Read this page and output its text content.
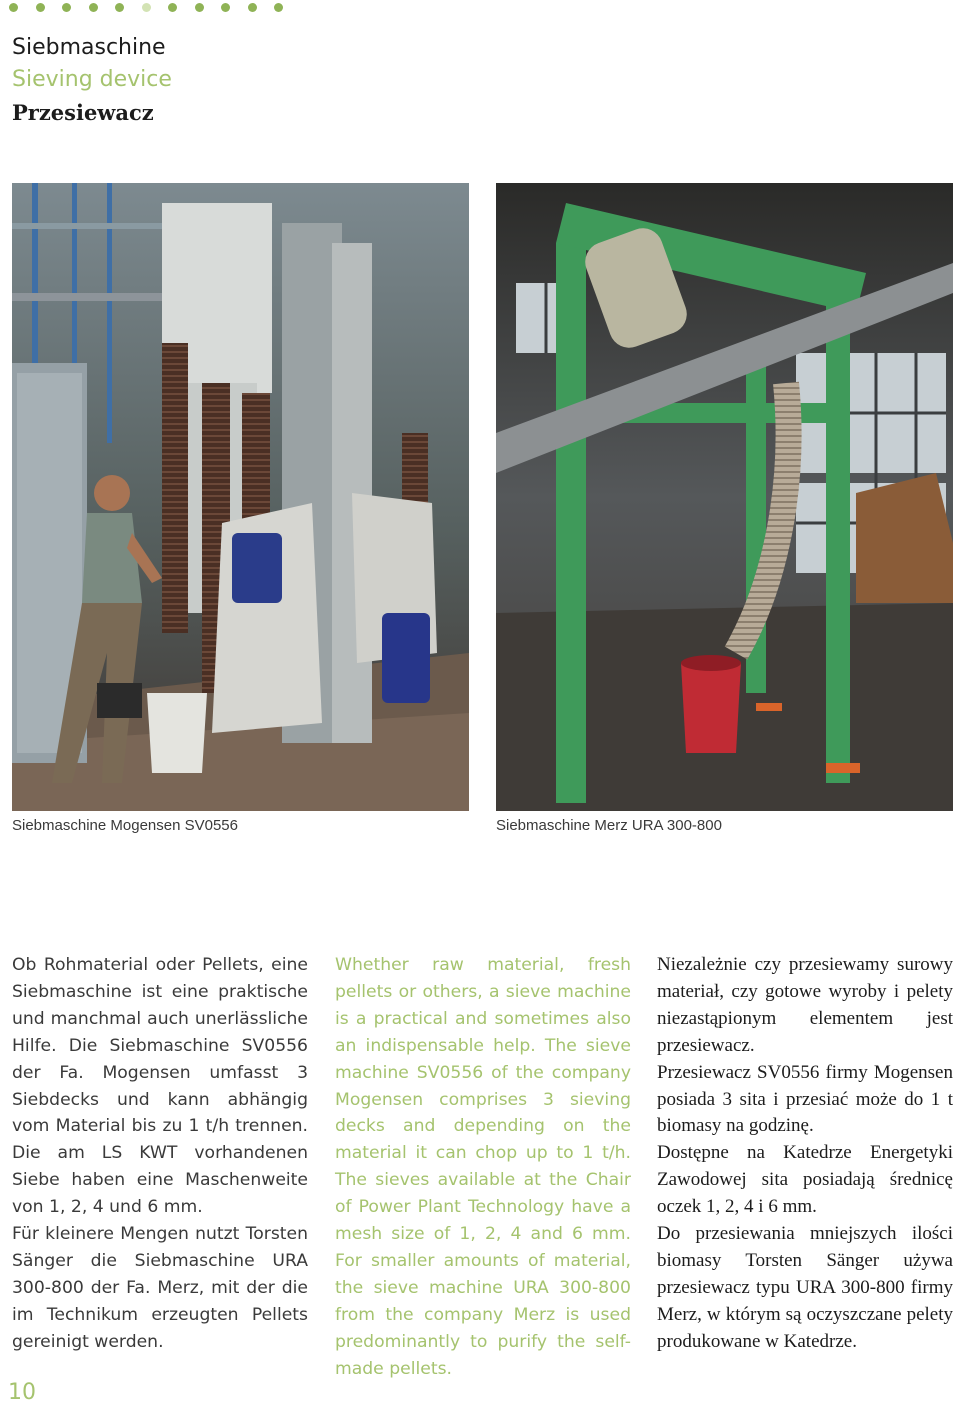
Siebmaschine
Sieving device
Przesiewacz
Siebmaschine Mogensen SV0556	Siebmaschine Merz URA 300-800

Ob Rohmaterial oder Pellets, eine Siebmaschine ist eine praktische und manchmal auch unerlässliche Hilfe. Die Siebmaschine SV0556 der Fa. Mogensen umfasst 3 Siebdecks und kann abhängig vom Material bis zu 1 t/h trennen. Die am LS KWT vorhandenen Siebe haben eine Maschenweite von 1, 2, 4 und 6 mm.

Für kleinere Mengen nutzt Torsten Sänger die Siebmaschine URA 300-800 der Fa. Merz, mit der die im Technikum erzeugten Pellets gereinigt werden.

Whether raw material, fresh pellets or others, a sieve machine is a practical and sometimes also an indispensable help. The sieve machine SV0556 of the company Mogensen comprises 3 sieving decks and depending on the material it can chop up to 1 t/h. The sieves available at the Chair of Power Plant Technology have a mesh size of 1, 2, 4 and 6 mm. For smaller amounts of material, the sieve machine URA 300-800 from the company Merz is used predominantly to purify the self-made pellets.

Niezależnie czy przesiewamy surowy materiał, czy gotowe wyroby i pelety niezastąpionym elementem jest przesiewacz.

Przesiewacz SV0556 firmy Mogensen posiada 3 sita i przesiać może do 1 t biomasy na godzinę.

Dostępne na Katedrze Energetyki Zawodowej sita posiadają średnicę oczek 1, 2, 4 i 6 mm.

Do przesiewania mniejszych ilości biomasy Torsten Sänger używa przesiewacz typu URA 300-800 firmy Merz, w którym są oczyszczane pelety produkowane w Katedrze.

10
